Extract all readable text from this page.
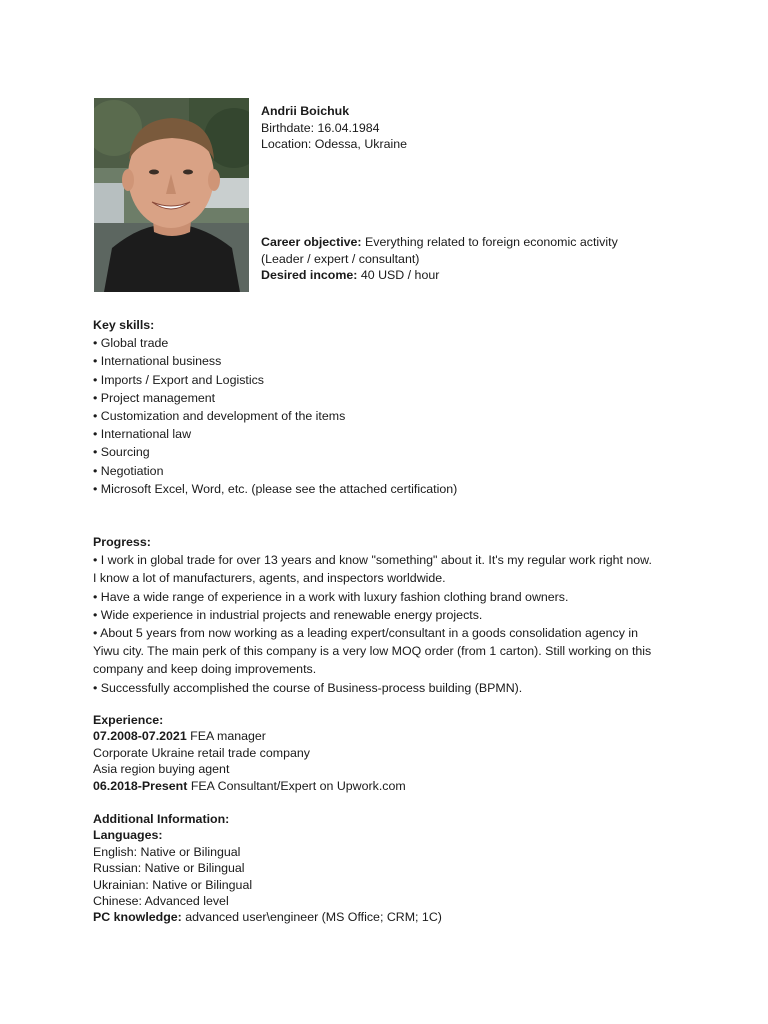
Andrii Boichuk
Birthdate: 16.04.1984
Location: Odessa, Ukraine
Career objective: Everything related to foreign economic activity
(Leader / expert / consultant)
Desired income: 40 USD / hour
Key skills:
• Global trade
• International business
• Imports / Export and Logistics
• Project management
• Customization and development of the items
• International law
• Sourcing
• Negotiation
• Microsoft Excel, Word, etc. (please see the attached certification)
Progress:
• I work in global trade for over 13 years and know "something" about it. It's my regular work right now.
I know a lot of manufacturers, agents, and inspectors worldwide.
• Have a wide range of experience in a work with luxury fashion clothing brand owners.
• Wide experience in industrial projects and renewable energy projects.
• About 5 years from now working as a leading expert/consultant in a goods consolidation agency in
Yiwu city. The main perk of this company is a very low MOQ order (from 1 carton). Still working on this
company and keep doing improvements.
• Successfully accomplished the course of Business-process building (BPMN).
Experience:
07.2008-07.2021 FEA manager
Corporate Ukraine retail trade company
Asia region buying agent
06.2018-Present FEA Consultant/Expert on Upwork.com
Additional Information:
Languages:
English: Native or Bilingual
Russian: Native or Bilingual
Ukrainian: Native or Bilingual
Chinese: Advanced level
PC knowledge: advanced user\engineer (MS Office; CRM; 1C)
